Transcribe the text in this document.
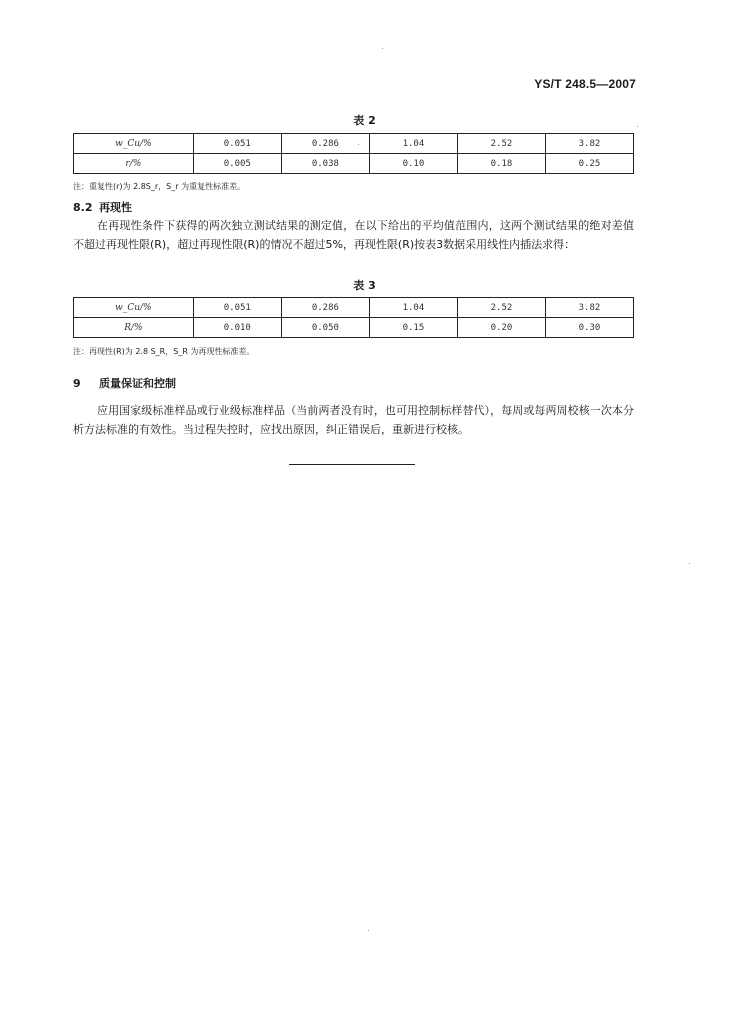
YS/T 248.5—2007
表 2
w_Cu/%	0.051	0.286	1.04	2.52	3.82
r/%	0.005	0.038	0.10	0.18	0.25
注：重复性(r)为 2.8S_r，S_r 为重复性标准差。
8.2 再现性
在再现性条件下获得的两次独立测试结果的测定值，在以下给出的平均值范围内，这两个测试结果的绝对差值不超过再现性限(R)，超过再现性限(R)的情况不超过5%，再现性限(R)按表3数据采用线性内插法求得：
表 3
w_Cu/%	0.051	0.286	1.04	2.52	3.82
R/%	0.010	0.050	0.15	0.20	0.30
注：再现性(R)为 2.8 S_R，S_R 为再现性标准差。
9 质量保证和控制
应用国家级标准样品或行业级标准样品（当前两者没有时，也可用控制标样替代），每周或每两周校核一次本分析方法标准的有效性。当过程失控时，应找出原因，纠正错误后，重新进行校核。
